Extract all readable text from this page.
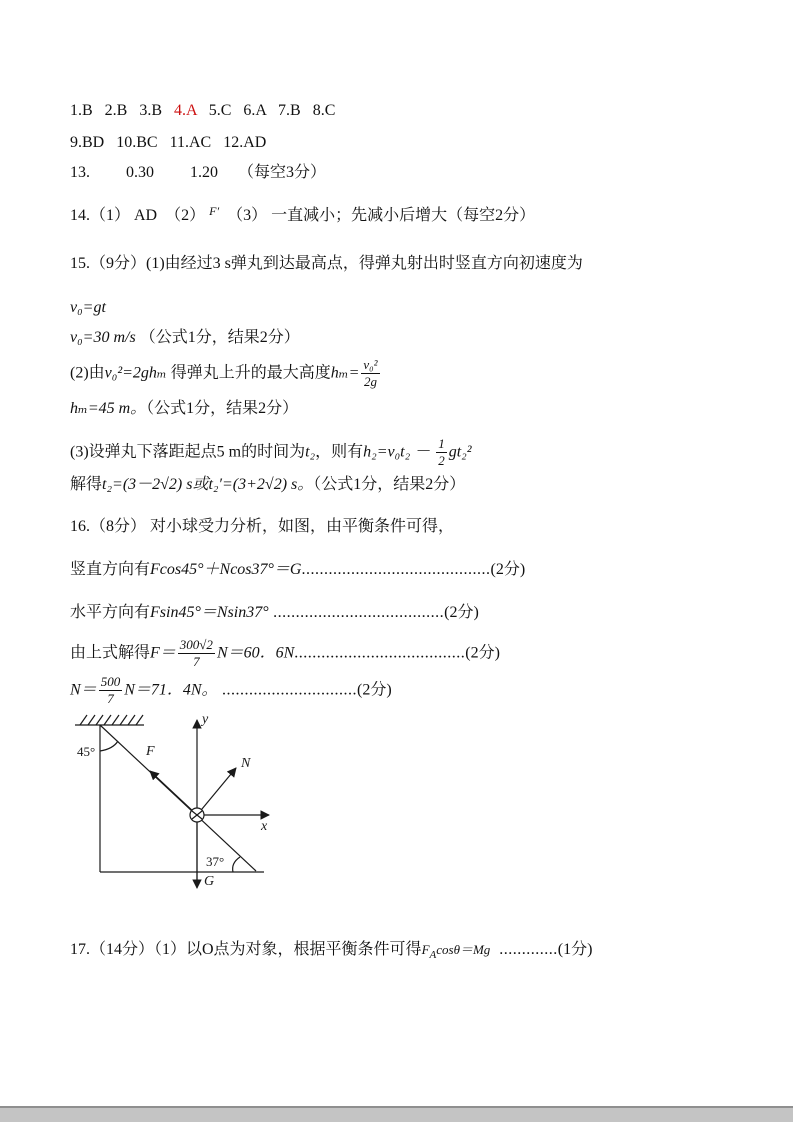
1.B   2.B   3.B   4.A   5.C   6.A   7.B   8.C

9.BD   10.BC   11.AC   12.AD

13.         0.30         1.20     （每空3分）

14.（1） AD  （2） $^{F'}$  （3） 一直减小；先减小后增大（每空2分）

15.（9分）(1)由经过3 s弹丸到达最高点，得弹丸射出时竖直方向初速度为

v₀=gt

v₀=30 m/s （公式1分，结果2分）

(2)由v₀²=2ghₘ 得弹丸上升的最大高度$h_m= \frac{\text{v₀²}}{2g}$

hₘ=45 m。（公式1分，结果2分）

(3)设弹丸下落距起点5 m的时间为t₂，则有$h_2=v_0t_2 - \frac{1}{2} gt_2^2$

解得t₂=(3－2√2) s或t₂′=(3+2√2) s。（公式1分，结果2分）

16.（8分） 对小球受力分析，如图，由平衡条件可得，

竖直方向有Fcos45°＋Ncos37°＝G..........................................(2分)

水平方向有Fsin45°＝Nsin37° ......................................(2分)

由上式解得$F= \frac{300√2}{7} N=60$．6N......................................(2分)

$N= \frac{500}{7} N=71$．4N。 ..............................(2分)

45°
37°
F
y
N
x
G

17.（14分）（1）以O点为对象，根据平衡条件可得$F_A\cos\theta=Mg$  .............(1分)
